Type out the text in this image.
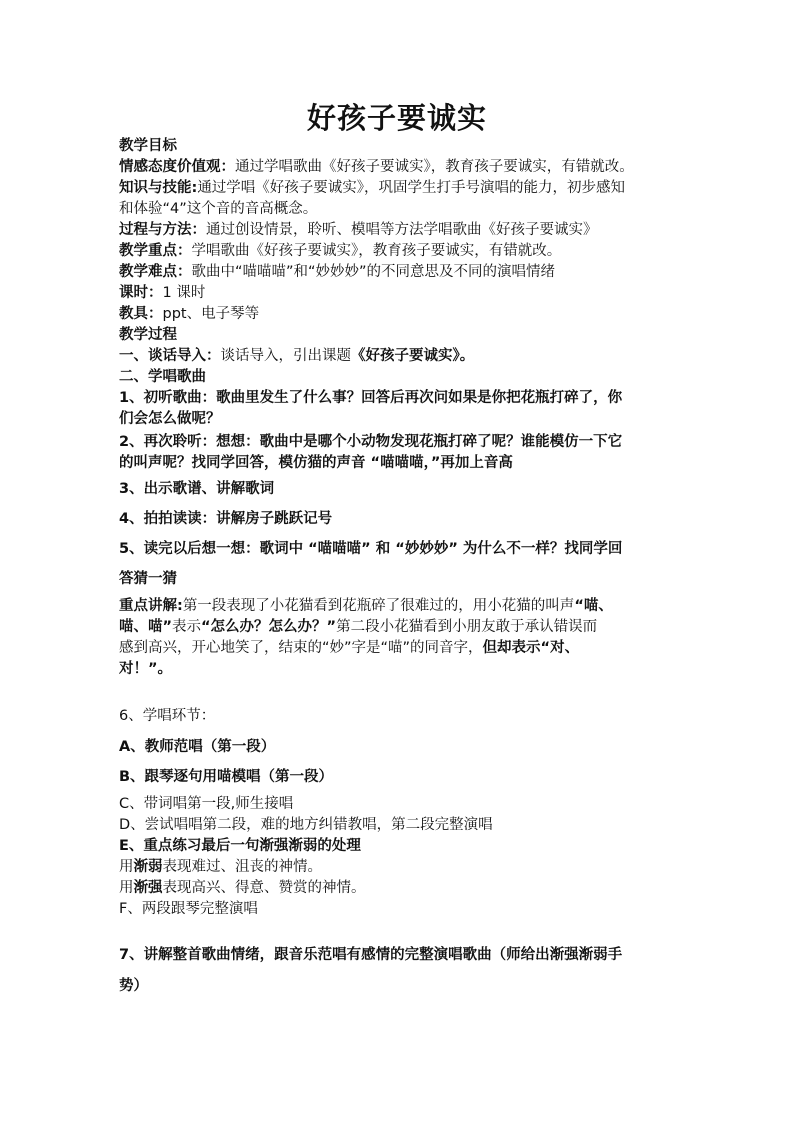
好孩子要诚实
教学目标
情感态度价值观：通过学唱歌曲《好孩子要诚实》，教育孩子要诚实，有错就改。
知识与技能:通过学唱《好孩子要诚实》，巩固学生打手号演唱的能力，初步感知
和体验“4”这个音的音高概念。
过程与方法：通过创设情景，聆听、模唱等方法学唱歌曲《好孩子要诚实》
教学重点：学唱歌曲《好孩子要诚实》，教育孩子要诚实，有错就改。
教学难点：歌曲中“喵喵喵”和“妙妙妙”的不同意思及不同的演唱情绪
课时：1 课时
教具：ppt、电子琴等
教学过程
一、谈话导入：谈话导入，引出课题《好孩子要诚实》。
二、学唱歌曲
1、初听歌曲：歌曲里发生了什么事？回答后再次问如果是你把花瓶打碎了，你
们会怎么做呢？
2、再次聆听：想想：歌曲中是哪个小动物发现花瓶打碎了呢？谁能模仿一下它
的叫声呢？找同学回答，模仿猫的声音 “喵喵喵，”再加上音高
3、出示歌谱、讲解歌词
4、拍拍读读：讲解房子跳跃记号
5、读完以后想一想：歌词中 “喵喵喵” 和 “妙妙妙” 为什么不一样？找同学回
答猜一猜
重点讲解:第一段表现了小花猫看到花瓶碎了很难过的，用小花猫的叫声“喵、
喵、喵”表示“怎么办？怎么办？”第二段小花猫看到小朋友敢于承认错误而
感到高兴，开心地笑了，结束的“妙”字是“喵”的同音字，但却表示“对、
对！”。
6、学唱环节：
A、教师范唱（第一段）
B、跟琴逐句用喵模唱（第一段）
C、带词唱第一段,师生接唱
D、尝试唱唱第二段，难的地方纠错教唱，第二段完整演唱
E、重点练习最后一句渐强渐弱的处理
用渐弱表现难过、沮丧的神情。
用渐强表现高兴、得意、赞赏的神情。
F、两段跟琴完整演唱
7、讲解整首歌曲情绪，跟音乐范唱有感情的完整演唱歌曲（师给出渐强渐弱手
势）
